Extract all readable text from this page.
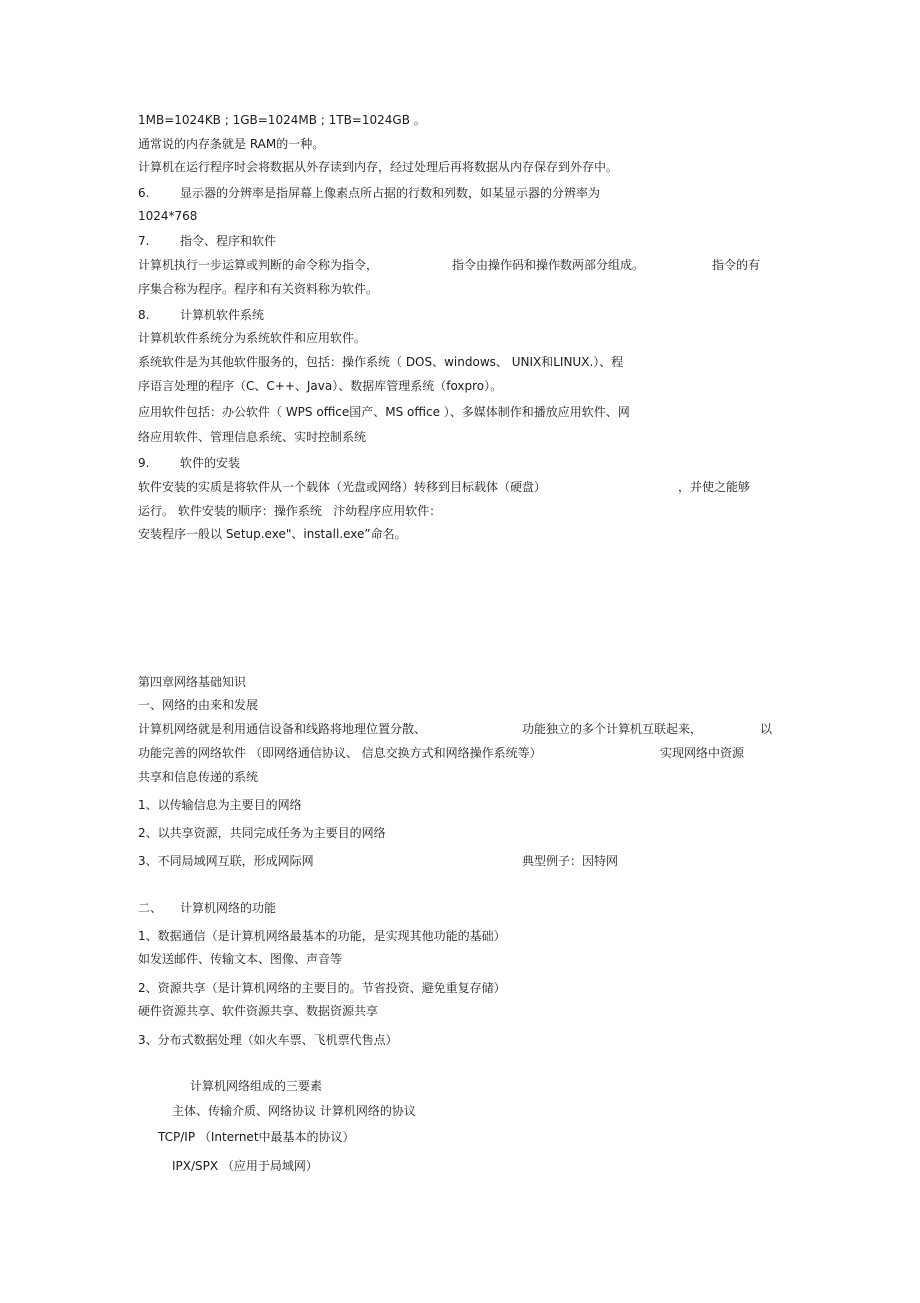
1MB=1024KB ; 1GB=1024MB ; 1TB=1024GB 。
通常说的内存条就是 RAM的一种。
计算机在运行程序时会将数据从外存读到内存，经过处理后再将数据从内存保存到外存中。
6.	显示器的分辨率是指屏幕上像素点所占据的行数和列数，如某显示器的分辨率为
1024*768
7.	指令、程序和软件
计算机执行一步运算或判断的命令称为指令，	指令由操作码和操作数两部分组成。	指令的有
序集合称为程序。程序和有关资料称为软件。
8.	计算机软件系统
计算机软件系统分为系统软件和应用软件。
系统软件是为其他软件服务的，包括：操作系统（ DOS、windows、 UNIX和LINUX.）、程
序语言处理的程序（C、C++、Java）、数据库管理系统（foxpro）。
应用软件包括：办公软件（ WPS office国产、MS office ）、多媒体制作和播放应用软件、网
络应用软件、管理信息系统、实时控制系统
9.	软件的安装
软件安装的实质是将软件从一个载体（光盘或网络）转移到目标载体（硬盘）	，并使之能够
运行。 软件安装的顺序：操作系统   汴幼程序应用软件：
安装程序一般以 Setup.exe"、install.exe”命名。
第四章网络基础知识
一、网络的由来和发展
计算机网络就是利用通信设备和线路将地理位置分散、	功能独立的多个计算机互联起来，	以
功能完善的网络软件 （即网络通信协议、 信息交换方式和网络操作系统等）	实现网络中资源
共享和信息传递的系统
1、以传输信息为主要目的网络
2、以共享资源，共同完成任务为主要目的网络
3、不同局域网互联，形成网际网	典型例子：因特网
二、 计算机网络的功能
1、数据通信（是计算机网络最基本的功能，是实现其他功能的基础）
如发送邮件、传输文本、图像、声音等
2、资源共享（是计算机网络的主要目的。节省投资、避免重复存储）
硬件资源共享、软件资源共享、数据资源共享
3、分布式数据处理（如火车票、飞机票代售点）
计算机网络组成的三要素
主体、传输介质、网络协议 计算机网络的协议
TCP/IP （Internet中最基本的协议）
IPX/SPX （应用于局域网）
